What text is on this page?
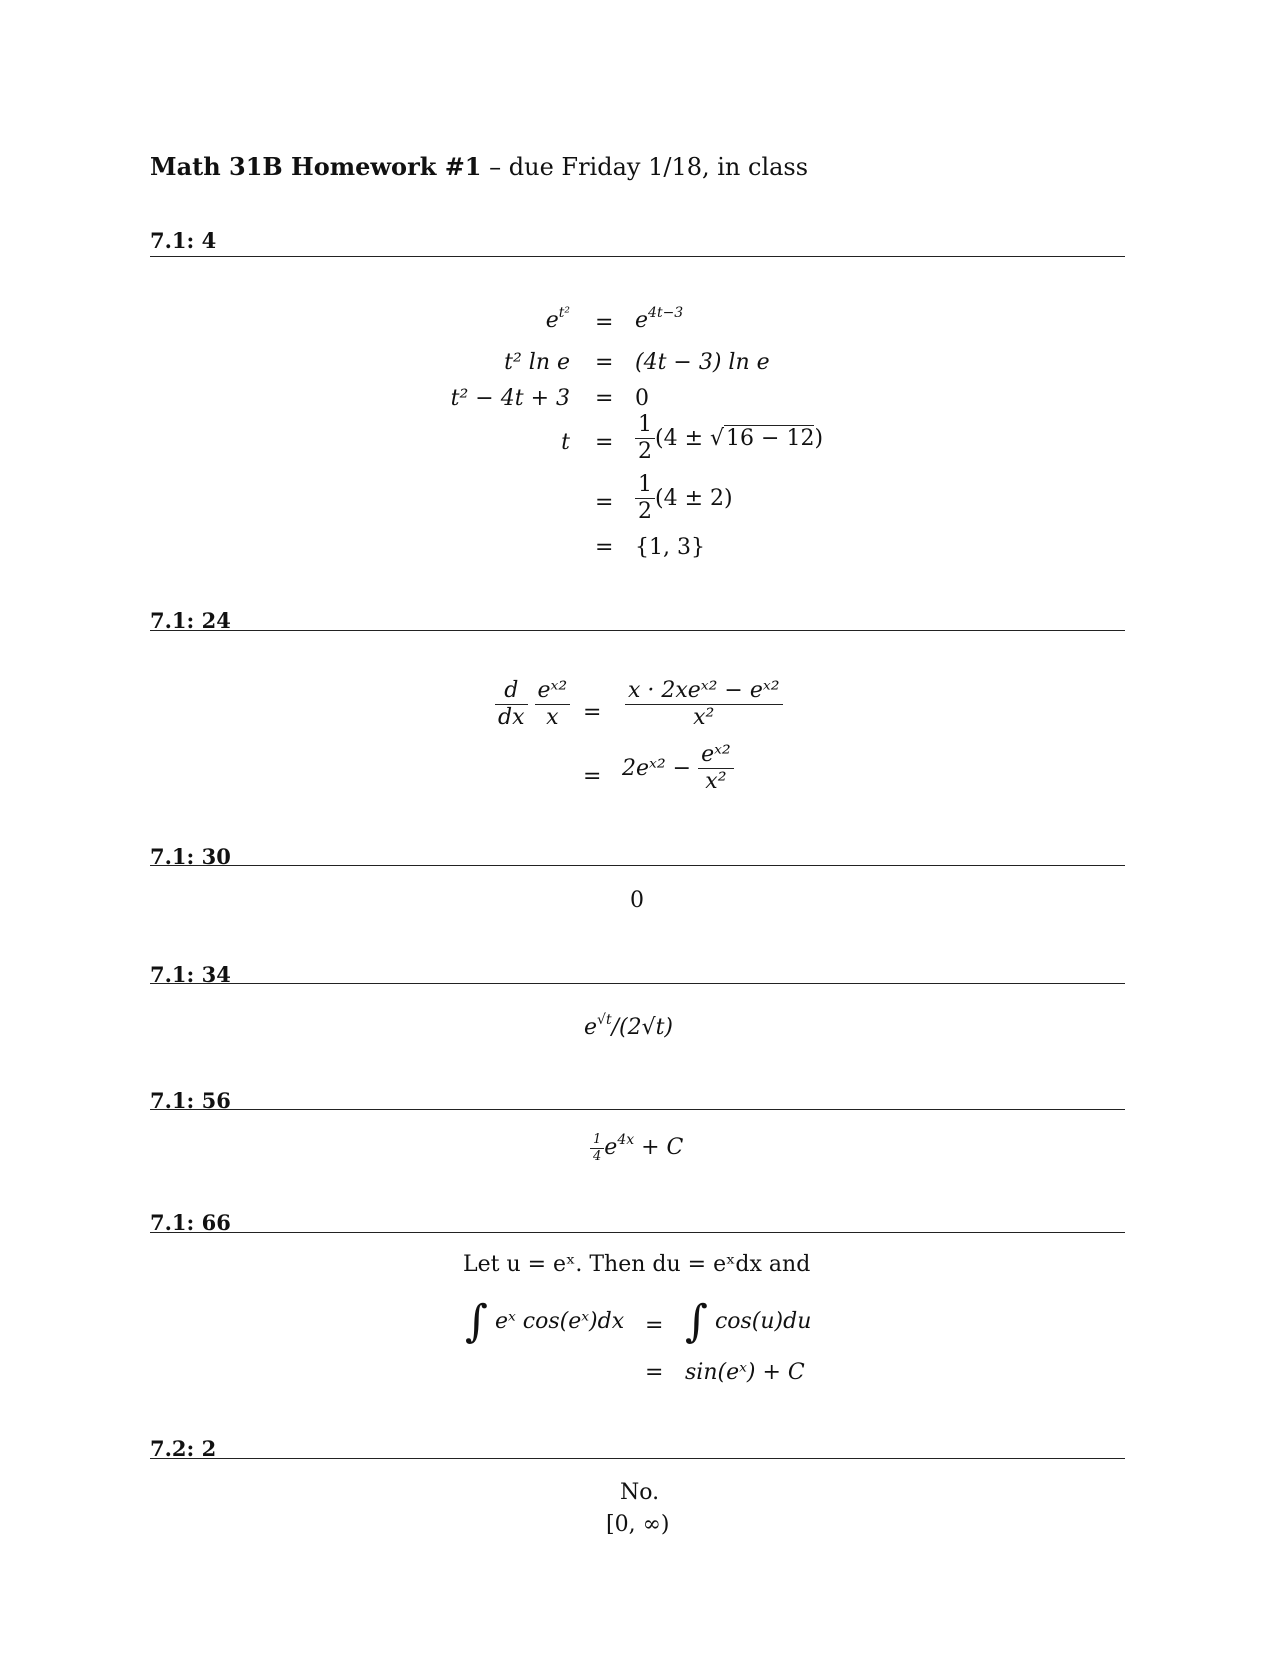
Math 31B Homework #1 – due Friday 1/18, in class
7.1: 4
$e^{t^2} = e^{4t-3}$
t² ln e = (4t − 3) ln e
t² − 4t + 3 = 0
$t = \frac{1}{2} (4 \pm √16 - 12)$
= $\frac{1}{2} (4 \pm 2)$
= {1, 3}
7.1: 24
$\frac{d}{dx}$
$\frac{\text{eˣ²}}{x} = \frac{\text{x · 2xeˣ² − eˣ²}}{\text{x²}}$
= 2eˣ² − $\frac{\text{eˣ²}}{\text{x²}}$
7.1: 30
0
7.1: 34
$e^{√t}/(2√t)$
7.1: 56
$\frac{1}{4} e^{4x} + C$
7.1: 66
Let u = eˣ. Then du = eˣdx and
∫ eˣ cos(eˣ)dx = ∫ cos(u)du
= sin(eˣ) + C
7.2: 2
No.
[0, ∞)
